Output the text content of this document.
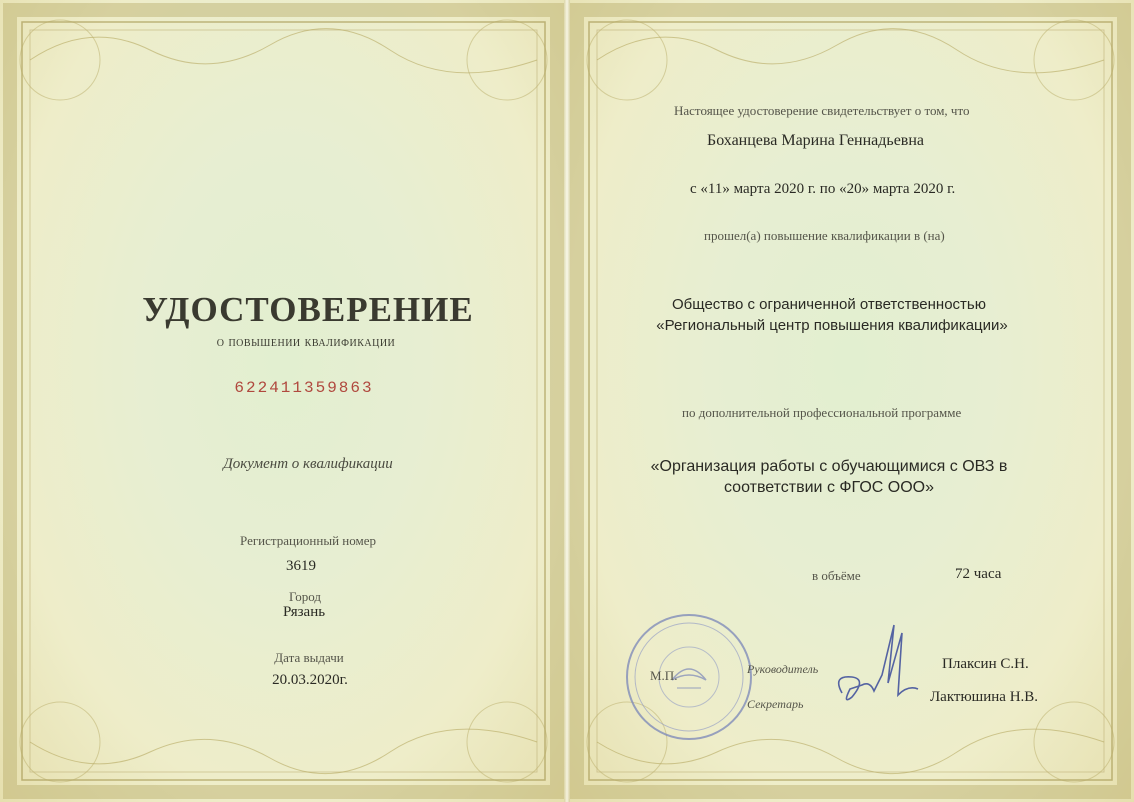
УДОСТОВЕРЕНИЕ
о повышении квалификации
622411359863
Документ о квалификации
Регистрационный номер
3619
Город
Рязань
Дата выдачи
20.03.2020г.
Настоящее удостоверение свидетельствует о том, что
Боханцева Марина Геннадьевна
с «11» марта 2020 г. по «20» марта 2020 г.
прошел(а) повышение квалификации в (на)
Общество с ограниченной ответственностью
«Региональный центр повышения квалификации»
по дополнительной профессиональной программе
«Организация работы с обучающимися с ОВЗ в
соответствии с ФГОС ООО»
в объёме	72 часа
М.П.	Руководитель
Секретарь
Плаксин С.Н.
Лактюшина Н.В.
